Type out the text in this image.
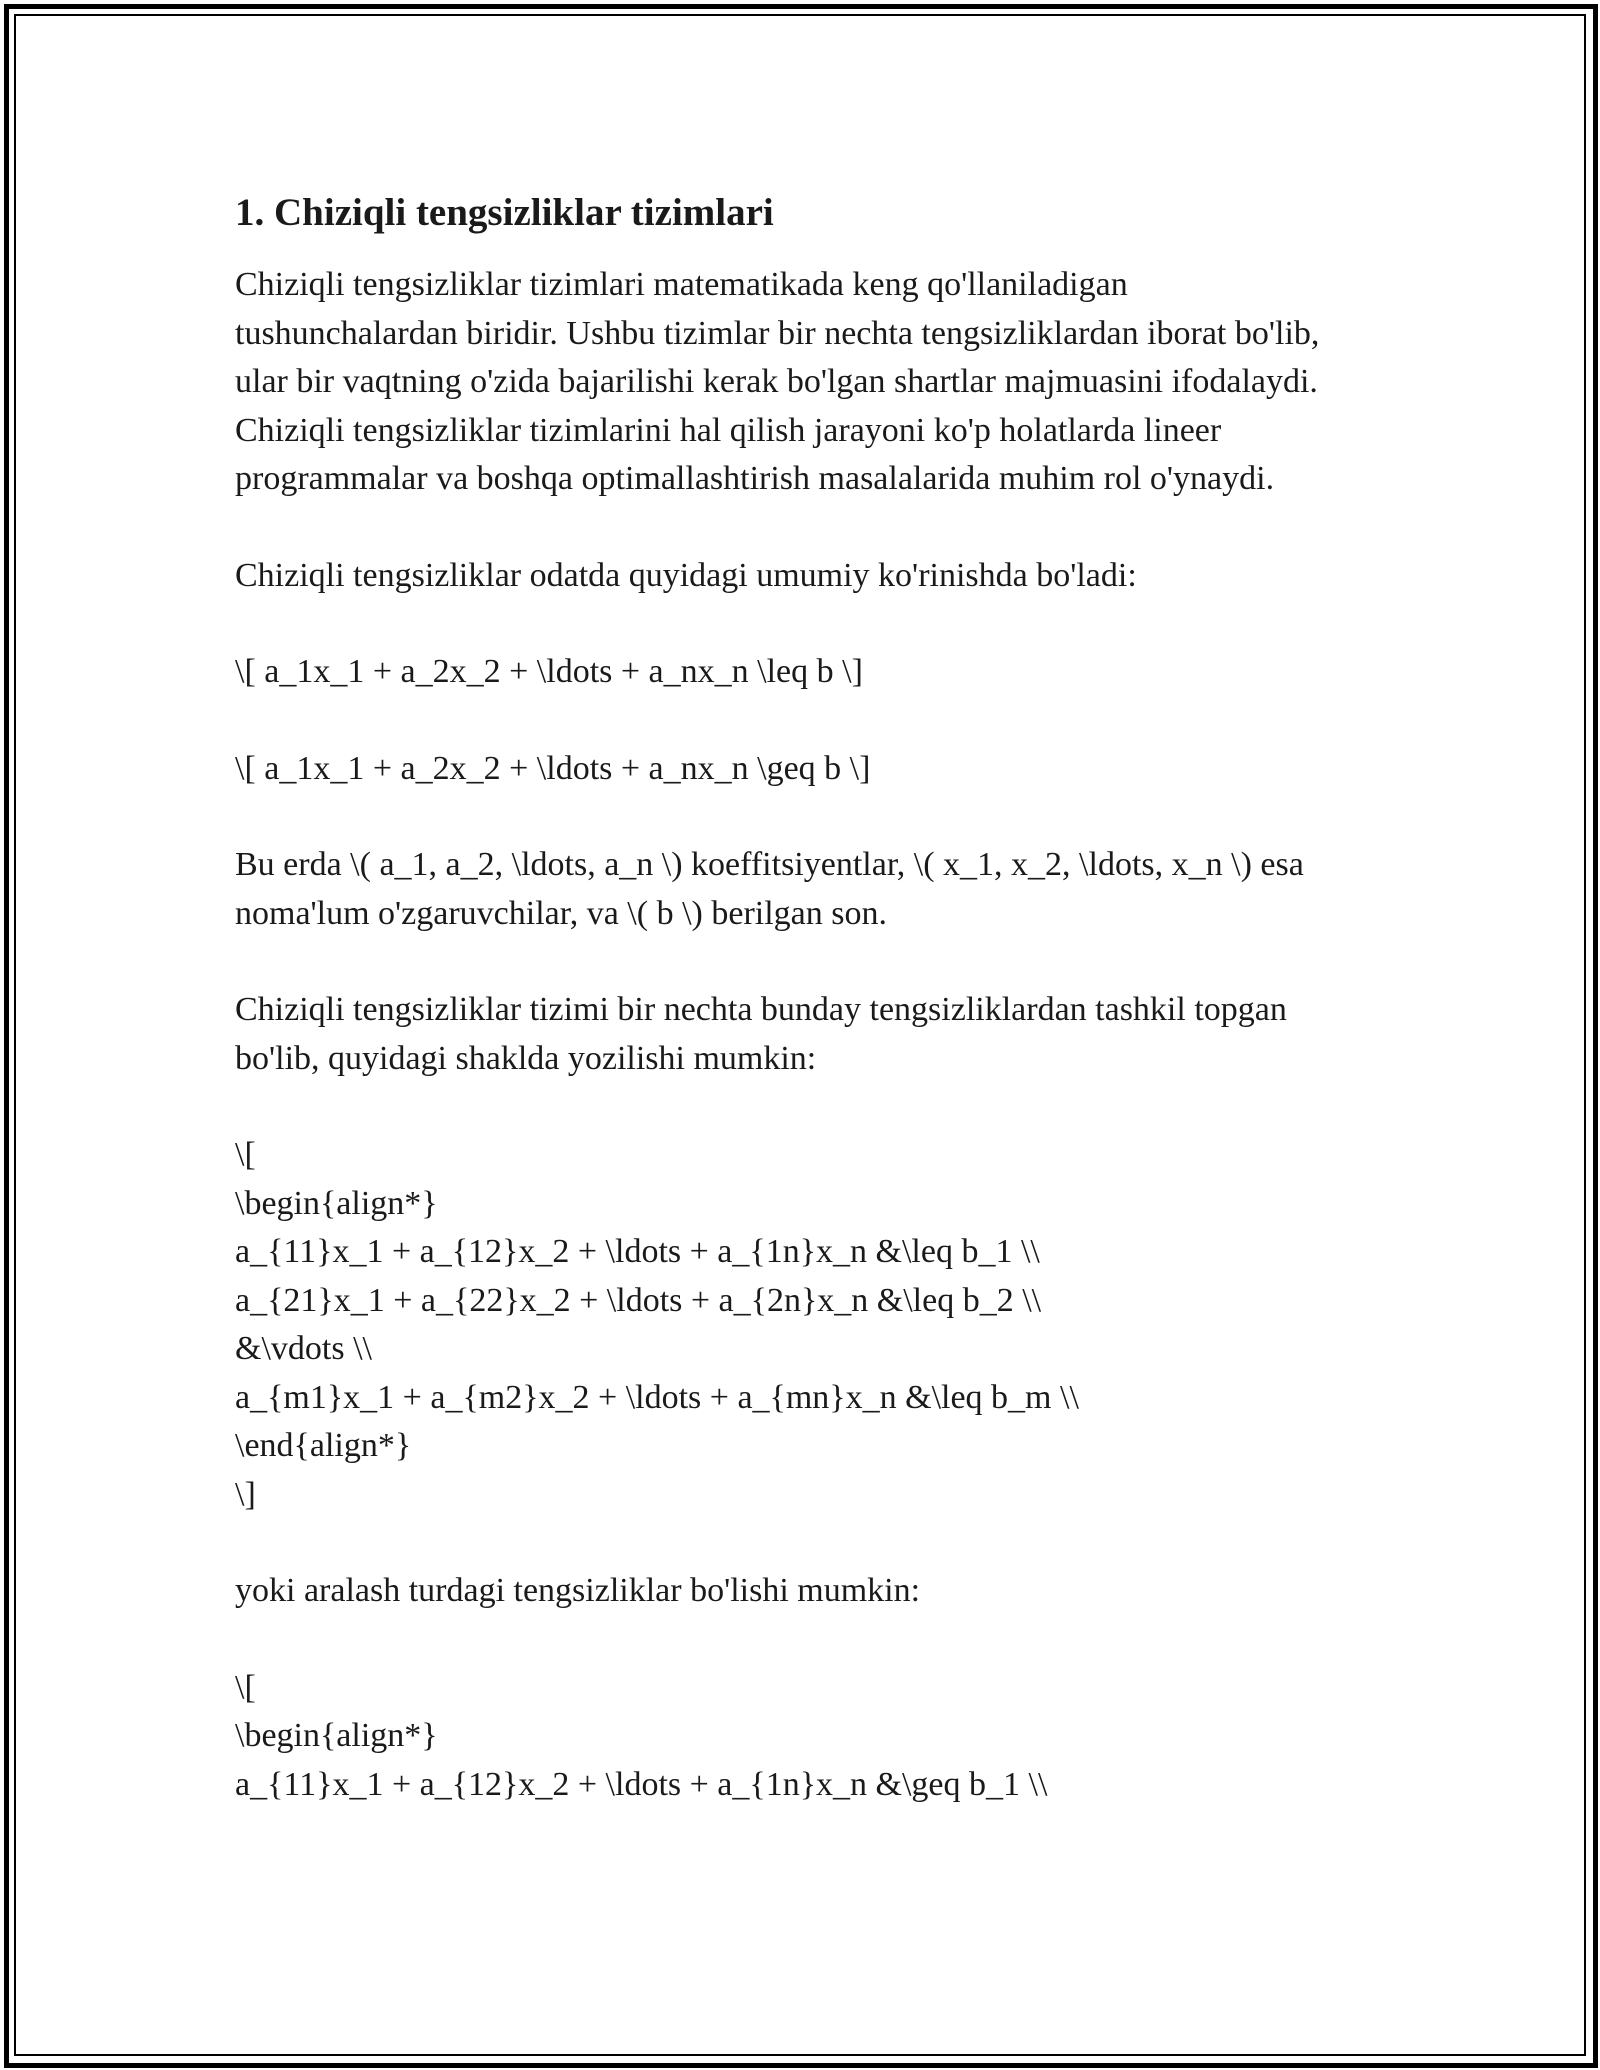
1. Chiziqli tengsizliklar tizimlari

Chiziqli tengsizliklar tizimlari matematikada keng qo'llaniladigan tushunchalardan biridir. Ushbu tizimlar bir nechta tengsizliklardan iborat bo'lib, ular bir vaqtning o'zida bajarilishi kerak bo'lgan shartlar majmuasini ifodalaydi. Chiziqli tengsizliklar tizimlarini hal qilish jarayoni ko'p holatlarda lineer programmalar va boshqa optimallashtirish masalalarida muhim rol o'ynaydi.

Chiziqli tengsizliklar odatda quyidagi umumiy ko'rinishda bo'ladi:

\[ a_1x_1 + a_2x_2 + \ldots + a_nx_n \leq b \]

\[ a_1x_1 + a_2x_2 + \ldots + a_nx_n \geq b \]

Bu erda \( a_1, a_2, \ldots, a_n \) koeffitsiyentlar, \( x_1, x_2, \ldots, x_n \) esa noma'lum o'zgaruvchilar, va \( b \) berilgan son.

Chiziqli tengsizliklar tizimi bir nechta bunday tengsizliklardan tashkil topgan bo'lib, quyidagi shaklda yozilishi mumkin:

\[
\begin{align*}
a_{11}x_1 + a_{12}x_2 + \ldots + a_{1n}x_n &\leq b_1 \\
a_{21}x_1 + a_{22}x_2 + \ldots + a_{2n}x_n &\leq b_2 \\
&\vdots \\
a_{m1}x_1 + a_{m2}x_2 + \ldots + a_{mn}x_n &\leq b_m \\
\end{align*}
\]

yoki aralash turdagi tengsizliklar bo'lishi mumkin:

\[
\begin{align*}
a_{11}x_1 + a_{12}x_2 + \ldots + a_{1n}x_n &\geq b_1 \\
